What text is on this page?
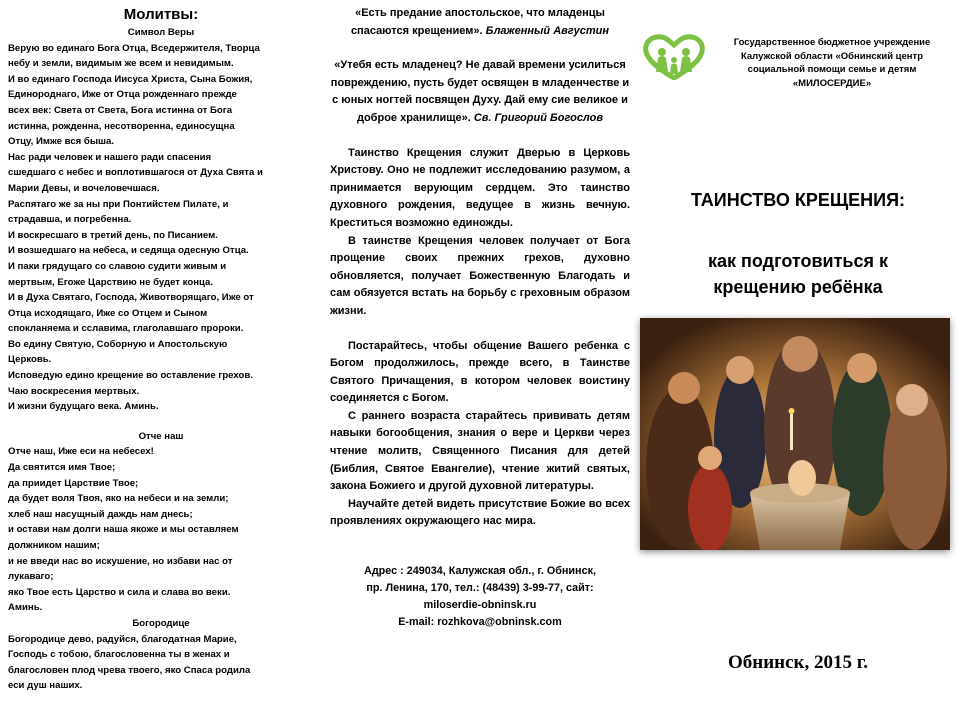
Молитвы:

Символ Веры

Верую во единаго Бога Отца, Вседержителя, Творца

небу и земли, видимым же всем и невидимым.

И во единаго Господа Иисуса Христа, Сына Божия,

Единороднаго, Иже от Отца рожденнаго прежде

всех век: Света от Света, Бога истинна от Бога

истинна, рожденна, несотворенна, единосущна

Отцу, Имже вся быша.

Нас ради человек и нашего ради спасения

сшедшаго с небес и воплотившагося от Духа Свята и

Марии Девы, и вочеловечшася.

Распятаго же за ны при Понтийстем Пилате, и

страдавша, и погребенна.

И воскресшаго в третий день, по Писанием.

И возшедшаго на небеса, и седяща одесную Отца.

И паки грядущаго со славою судити живым и

мертвым, Егоже Царствию не будет конца.

И в Духа Святаго, Господа, Животворящаго, Иже от

Отца исходящаго, Иже со Отцем и Сыном

спокланяема и сславима, глаголавшаго пророки.

Во едину Святую, Соборную и Апостольскую

Церковь.

Исповедую едино крещение во оставление грехов.

Чаю воскресения мертвых.

И жизни будущаго века. Аминь.

Отче наш

Отче наш, Иже еси на небесех!

Да святится имя Твое;

да приидет Царствие Твое;

да будет воля Твоя, яко на небеси и на земли;

хлеб наш насущный даждь нам днесь;

и остави нам долги наша якоже и мы оставляем

должником нашим;

и не введи нас во искушение, но избави нас от

лукаваго;

яко Твое есть Царство и сила и слава во веки.

Аминь.

Богородице

Богородице дево, радуйся, благодатная Марие,

Господь с тобою, благословенна ты в женах и

благословен плод чрева твоего, яко Спаса родила

еси душ наших.

«Есть предание апостольское, что младенцы спасаются крещением». Блаженный Августин

«Утебя есть младенец? Не давай времени усилиться повреждению, пусть будет освящен в младенчестве и с юных ногтей посвящен Духу. Дай ему сие великое и доброе хранилище». Св. Григорий Богослов

Таинство Крещения служит Дверью в Церковь Христову. Оно не подлежит исследованию разумом, а принимается верующим сердцем. Это таинство духовного рождения, ведущее в жизнь вечную. Креститься возможно единожды.

В таинстве Крещения человек получает от Бога прощение своих прежних грехов, духовно обновляется, получает Божественную Благодать и сам обязуется встать на борьбу с греховным образом жизни.

Постарайтесь, чтобы общение Вашего ребенка с Богом продолжилось, прежде всего, в Таинстве Святого Причащения, в котором человек воистину соединяется с Богом.

С раннего возраста старайтесь прививать детям навыки богообщения, знания о вере и Церкви через чтение молитв, Священного Писания для детей (Библия, Святое Евангелие), чтение житий святых, закона Божиего и другой духовной литературы.

Научайте детей видеть присутствие Божие во всех проявлениях окружающего нас мира.

Адрес : 249034, Калужская обл., г. Обнинск,

пр. Ленина, 170, тел.: (48439) 3-99-77, сайт:

miloserdie-obninsk.ru

E-mail: rozhkova@obninsk.com

Государственное бюджетное учреждение
Калужской области «Обнинский центр
социальной помощи семье и детям
«МИЛОСЕРДИЕ»

ТАИНСТВО КРЕЩЕНИЯ:

как подготовиться к крещению ребёнка

Обнинск, 2015 г.
